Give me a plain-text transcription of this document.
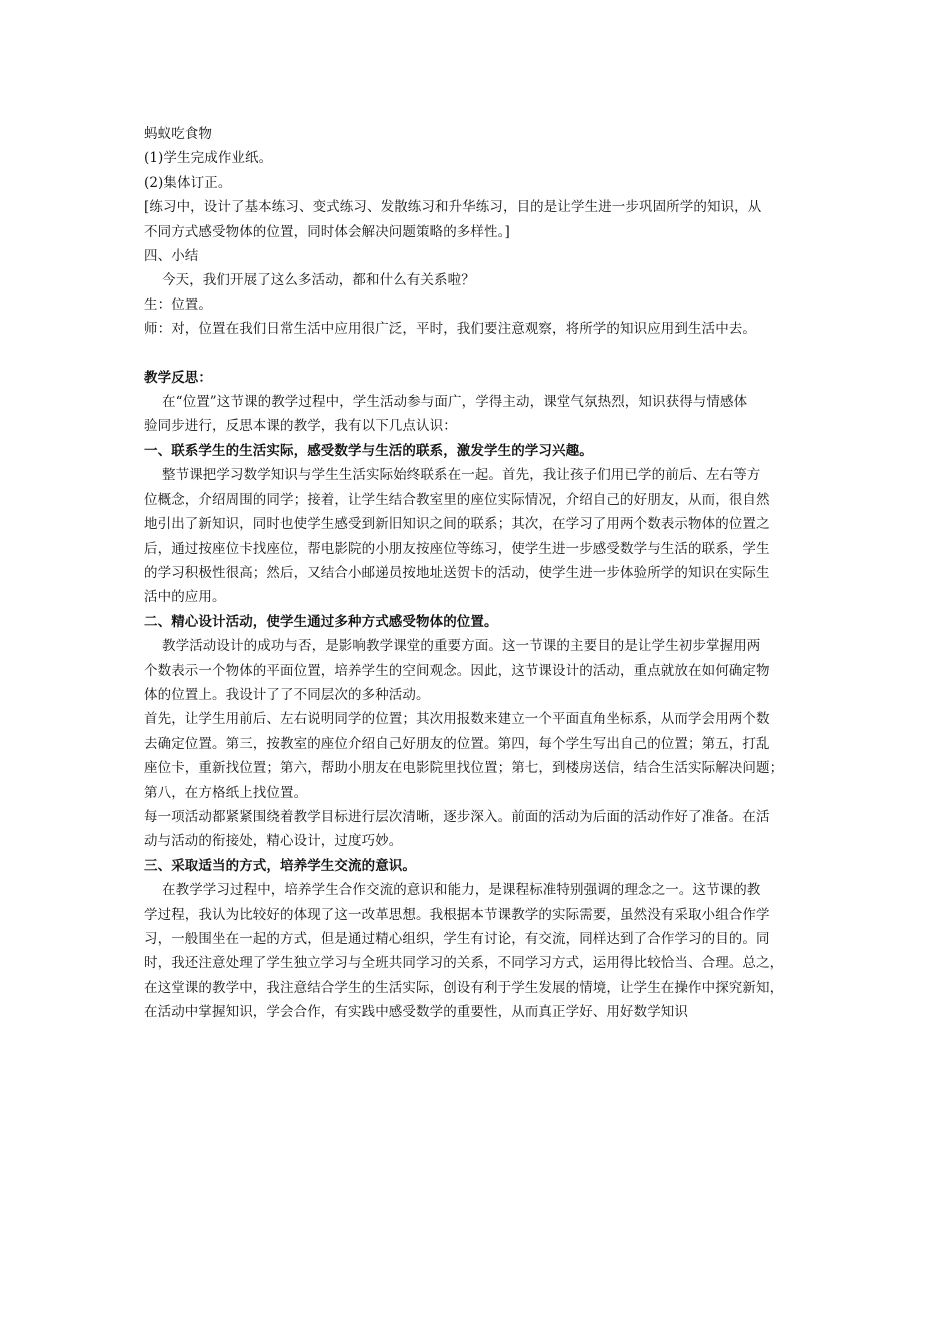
蚂蚁吃食物
(1)学生完成作业纸。
(2)集体订正。
[练习中，设计了基本练习、变式练习、发散练习和升华练习，目的是让学生进一步巩固所学的知识，从
不同方式感受物体的位置，同时体会解决问题策略的多样性。]
四、小结
　 今天，我们开展了这么多活动，都和什么有关系啦？
生：位置。
师：对，位置在我们日常生活中应用很广泛，平时，我们要注意观察，将所学的知识应用到生活中去。
教学反思：
　 在“位置”这节课的教学过程中，学生活动参与面广，学得主动，课堂气氛热烈，知识获得与情感体
验同步进行，反思本课的教学，我有以下几点认识：
一、联系学生的生活实际，感受数学与生活的联系，激发学生的学习兴趣。
　 整节课把学习数学知识与学生生活实际始终联系在一起。首先，我让孩子们用已学的前后、左右等方
位概念，介绍周围的同学；接着，让学生结合教室里的座位实际情况，介绍自己的好朋友，从而，很自然
地引出了新知识，同时也使学生感受到新旧知识之间的联系；其次，在学习了用两个数表示物体的位置之
后，通过按座位卡找座位，帮电影院的小朋友按座位等练习，使学生进一步感受数学与生活的联系，学生
的学习积极性很高；然后，又结合小邮递员按地址送贺卡的活动，使学生进一步体验所学的知识在实际生
活中的应用。
二、精心设计活动，使学生通过多种方式感受物体的位置。
　 教学活动设计的成功与否，是影响教学课堂的重要方面。这一节课的主要目的是让学生初步掌握用两
个数表示一个物体的平面位置，培养学生的空间观念。因此，这节课设计的活动，重点就放在如何确定物
体的位置上。我设计了了不同层次的多种活动。
首先，让学生用前后、左右说明同学的位置；其次用报数来建立一个平面直角坐标系，从而学会用两个数
去确定位置。第三，按教室的座位介绍自己好朋友的位置。第四，每个学生写出自己的位置；第五，打乱
座位卡，重新找位置；第六，帮助小朋友在电影院里找位置；第七，到楼房送信，结合生活实际解决问题；
第八，在方格纸上找位置。
每一项活动都紧紧围绕着教学目标进行层次清晰，逐步深入。前面的活动为后面的活动作好了准备。在活
动与活动的衔接处，精心设计，过度巧妙。
三、采取适当的方式，培养学生交流的意识。
　 在教学学习过程中，培养学生合作交流的意识和能力，是课程标准特别强调的理念之一。这节课的教
学过程，我认为比较好的体现了这一改革思想。我根据本节课教学的实际需要，虽然没有采取小组合作学
习，一般围坐在一起的方式，但是通过精心组织，学生有讨论，有交流，同样达到了合作学习的目的。同
时，我还注意处理了学生独立学习与全班共同学习的关系，不同学习方式，运用得比较恰当、合理。总之，
在这堂课的教学中，我注意结合学生的生活实际，创设有利于学生发展的情境，让学生在操作中探究新知，
在活动中掌握知识，学会合作，有实践中感受数学的重要性，从而真正学好、用好数学知识
